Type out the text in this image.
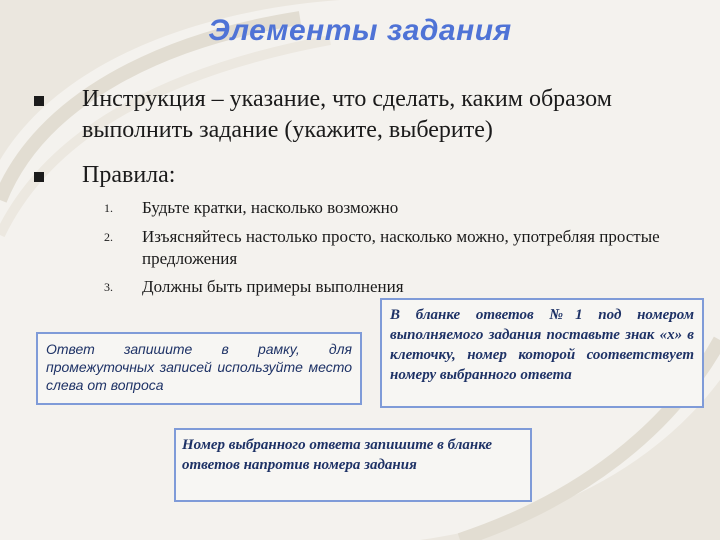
Элементы задания
Инструкция – указание, что сделать, каким образом выполнить задание (укажите, выберите)
Правила:
1. Будьте кратки, насколько возможно
2. Изъясняйтесь настолько просто, насколько можно, употребляя простые предложения
3. Должны быть примеры выполнения
Ответ запишите в рамку, для промежуточных записей используйте место слева от вопроса
В бланке ответов №1 под номером выполняемого задания поставьте знак «х» в клеточку, номер которой соответствует номеру выбранного ответа
Номер выбранного ответа запишите в бланке ответов напротив номера задания
